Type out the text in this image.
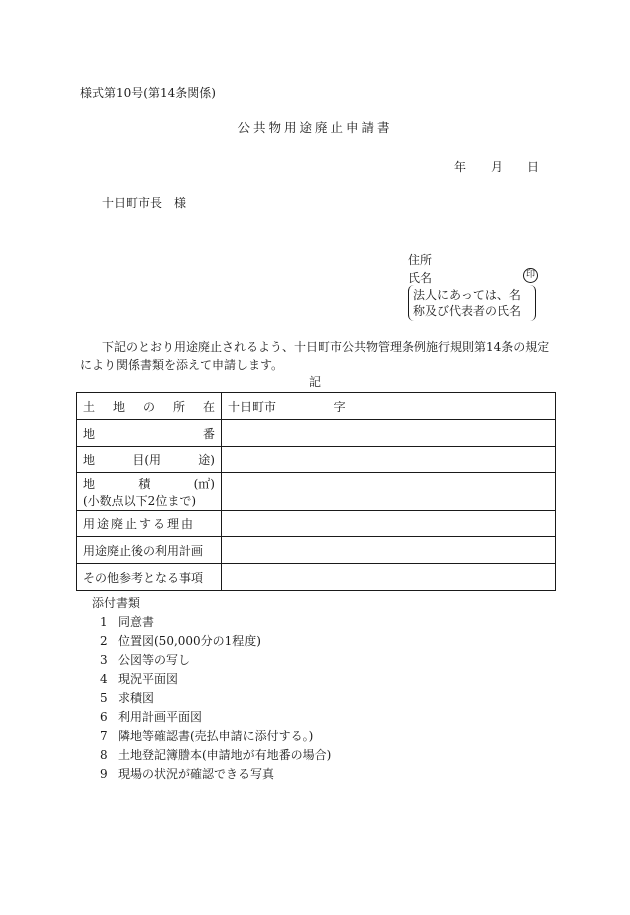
様式第10号(第14条関係)
公共物用途廃止申請書
年 月 日
十日町市長　様
住所
氏名	印
法人にあっては、名称及び代表者の氏名
下記のとおり用途廃止されるよう、十日町市公共物管理条例施行規則第14条の規定により関係書類を添えて申請します。
記
土 地 の 所 在	十日町市 字

地 番	

地 目(用 途)	

地 積 (㎡)
(小数点以下2位まで)	

用途廃止する理由	
用途廃止後の利用計画	
その他参考となる事項	
添付書類
1 同意書
2 位置図(50,000分の1程度)
3 公図等の写し
4 現況平面図
5 求積図
6 利用計画平面図
7 隣地等確認書(売払申請に添付する。)
8 土地登記簿謄本(申請地が有地番の場合)
9 現場の状況が確認できる写真
